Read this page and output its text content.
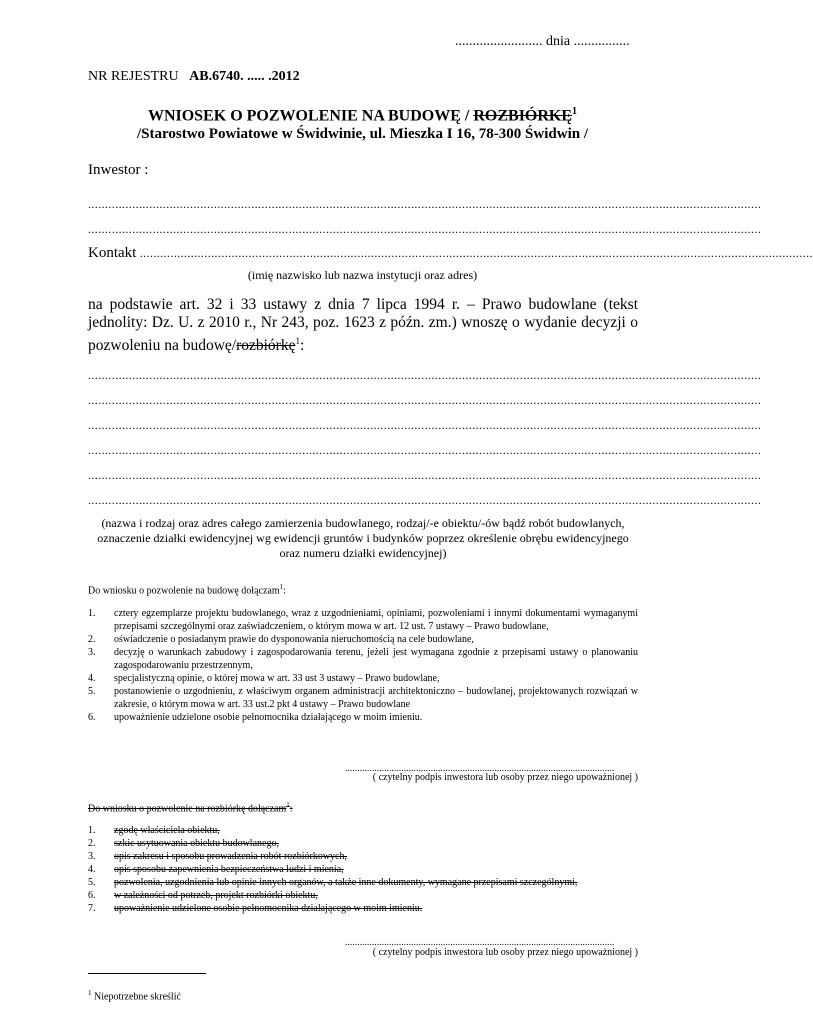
......................... dnia ................
NR REJESTRU AB.6740. ..... .2012
WNIOSEK O POZWOLENIE NA BUDOWĘ / ROZBIÓRKĘ$^1$
/Starostwo Powiatowe w Świdwinie, ul. Mieszka I 16, 78-300 Świdwin /
Inwestor :
......................................................................................................................................................................................................
......................................................................................................................................................................................................
Kontakt ......................................................................................................................................................................................................
(imię nazwisko lub nazwa instytucji oraz adres)
na podstawie art. 32 i 33 ustawy z dnia 7 lipca 1994 r. – Prawo budowlane (tekst jednolity: Dz. U. z 2010 r., Nr 243, poz. 1623 z późn. zm.) wnoszę o wydanie decyzji o pozwoleniu na budowę/rozbiórkę$^1$:
......................................................................................................................................................................................................
......................................................................................................................................................................................................
......................................................................................................................................................................................................
......................................................................................................................................................................................................
......................................................................................................................................................................................................
......................................................................................................................................................................................................
(nazwa i rodzaj oraz adres całego zamierzenia budowlanego, rodzaj/-e obiektu/-ów bądź robót budowlanych, oznaczenie działki ewidencyjnej wg ewidencji gruntów i budynków poprzez określenie obrębu ewidencyjnego oraz numeru działki ewidencyjnej)
Do wniosku o pozwolenie na budowę dołączam$^1$:
1. cztery egzemplarze projektu budowlanego, wraz z uzgodnieniami, opiniami, pozwoleniami i innymi dokumentami wymaganymi przepisami szczególnymi oraz zaświadczeniem, o którym mowa w art. 12 ust. 7 ustawy – Prawo budowlane,
2. oświadczenie o posiadanym prawie do dysponowania nieruchomością na cele budowlane,
3. decyzję o warunkach zabudowy i zagospodarowania terenu, jeżeli jest wymagana zgodnie z przepisami ustawy o planowaniu zagospodarowaniu przestrzennym,
4. specjalistyczną opinie, o której mowa w art. 33 ust 3 ustawy – Prawo budowlane,
5. postanowienie o uzgodnieniu, z właściwym organem administracji architektoniczno – budowlanej, projektowanych rozwiązań w zakresie, o którym mowa w art. 33 ust.2 pkt 4 ustawy – Prawo budowlane
6. upoważnienie udzielone osobie pełnomocnika działającego w moim imieniu.
..............................................................................................................
( czytelny podpis inwestora lub osoby przez niego upoważnionej )
Do wniosku o pozwolenie na rozbiórkę dołączam$^1$:
1. zgodę właściciela obiektu,
2. szkic usytuowania obiektu budowlanego,
3. opis zakresu i sposobu prowadzenia robót rozbiórkowych,
4. opis sposobu zapewnienia bezpieczeństwa ludzi i mienia,
5. pozwolenia, uzgodnienia lub opinie innych organów, a także inne dokumenty, wymagane przepisami szczególnymi,
6. w zależności od potrzeb, projekt rozbiórki obiektu,
7. upoważnienie udzielone osobie pełnomocnika działającego w moim imieniu.
..............................................................................................................
( czytelny podpis inwestora lub osoby przez niego upoważnionej )
$^1$ Niepotrzebne skreślić
